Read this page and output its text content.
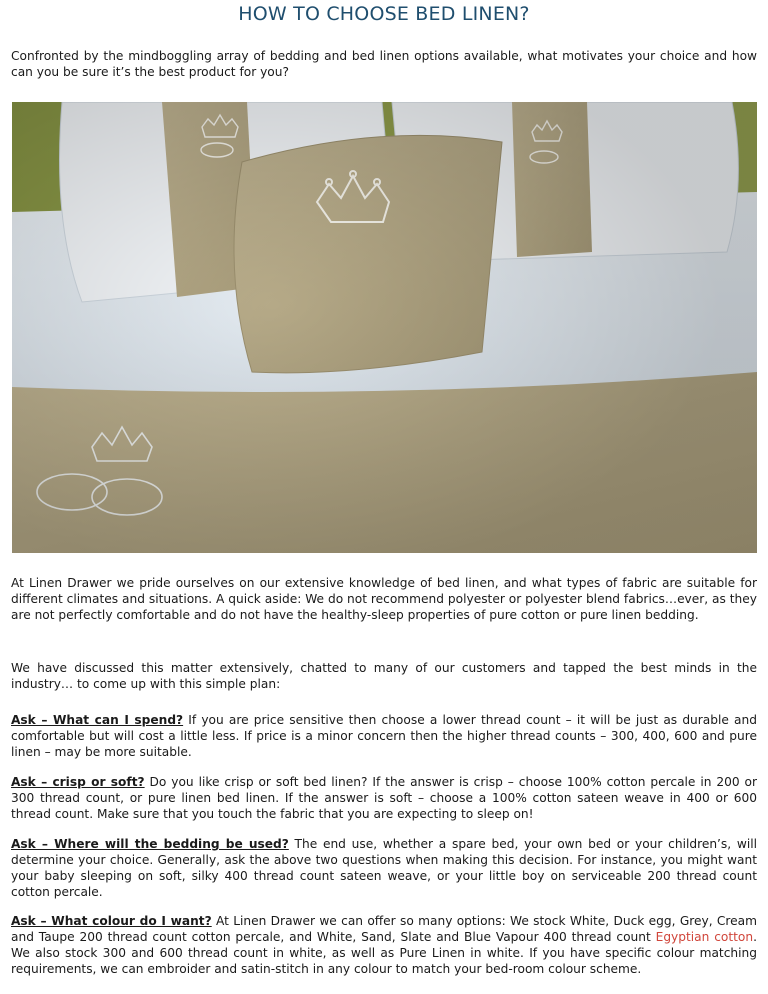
HOW TO CHOOSE BED LINEN?

Confronted by the mindboggling array of bedding and bed linen options available, what motivates your choice and how can you be sure it’s the best product for you?

At Linen Drawer we pride ourselves on our extensive knowledge of bed linen, and what types of fabric are suitable for different climates and situations. A quick aside: We do not recommend polyester or polyester blend fabrics…ever, as they are not perfectly comfortable and do not have the healthy-sleep properties of pure cotton or pure linen bedding.

We have discussed this matter extensively, chatted to many of our customers and tapped the best minds in the industry… to come up with this simple plan:

Ask – What can I spend? If you are price sensitive then choose a lower thread count – it will be just as durable and comfortable but will cost a little less. If price is a minor concern then the higher thread counts – 300, 400, 600 and pure linen – may be more suitable.

Ask – crisp or soft? Do you like crisp or soft bed linen? If the answer is crisp – choose 100% cotton percale in 200 or 300 thread count, or pure linen bed linen. If the answer is soft – choose a 100% cotton sateen weave in 400 or 600 thread count. Make sure that you touch the fabric that you are expecting to sleep on!

Ask – Where will the bedding be used? The end use, whether a spare bed, your own bed or your children’s, will determine your choice. Generally, ask the above two questions when making this decision. For instance, you might want your baby sleeping on soft, silky 400 thread count sateen weave, or your little boy on serviceable 200 thread count cotton percale.

Ask – What colour do I want? At Linen Drawer we can offer so many options: We stock White, Duck egg, Grey, Cream and Taupe 200 thread count cotton percale, and White, Sand, Slate and Blue Vapour 400 thread count Egyptian cotton. We also stock 300 and 600 thread count in white, as well as Pure Linen in white. If you have specific colour matching requirements, we can embroider and satin-stitch in any colour to match your bed-room colour scheme.
